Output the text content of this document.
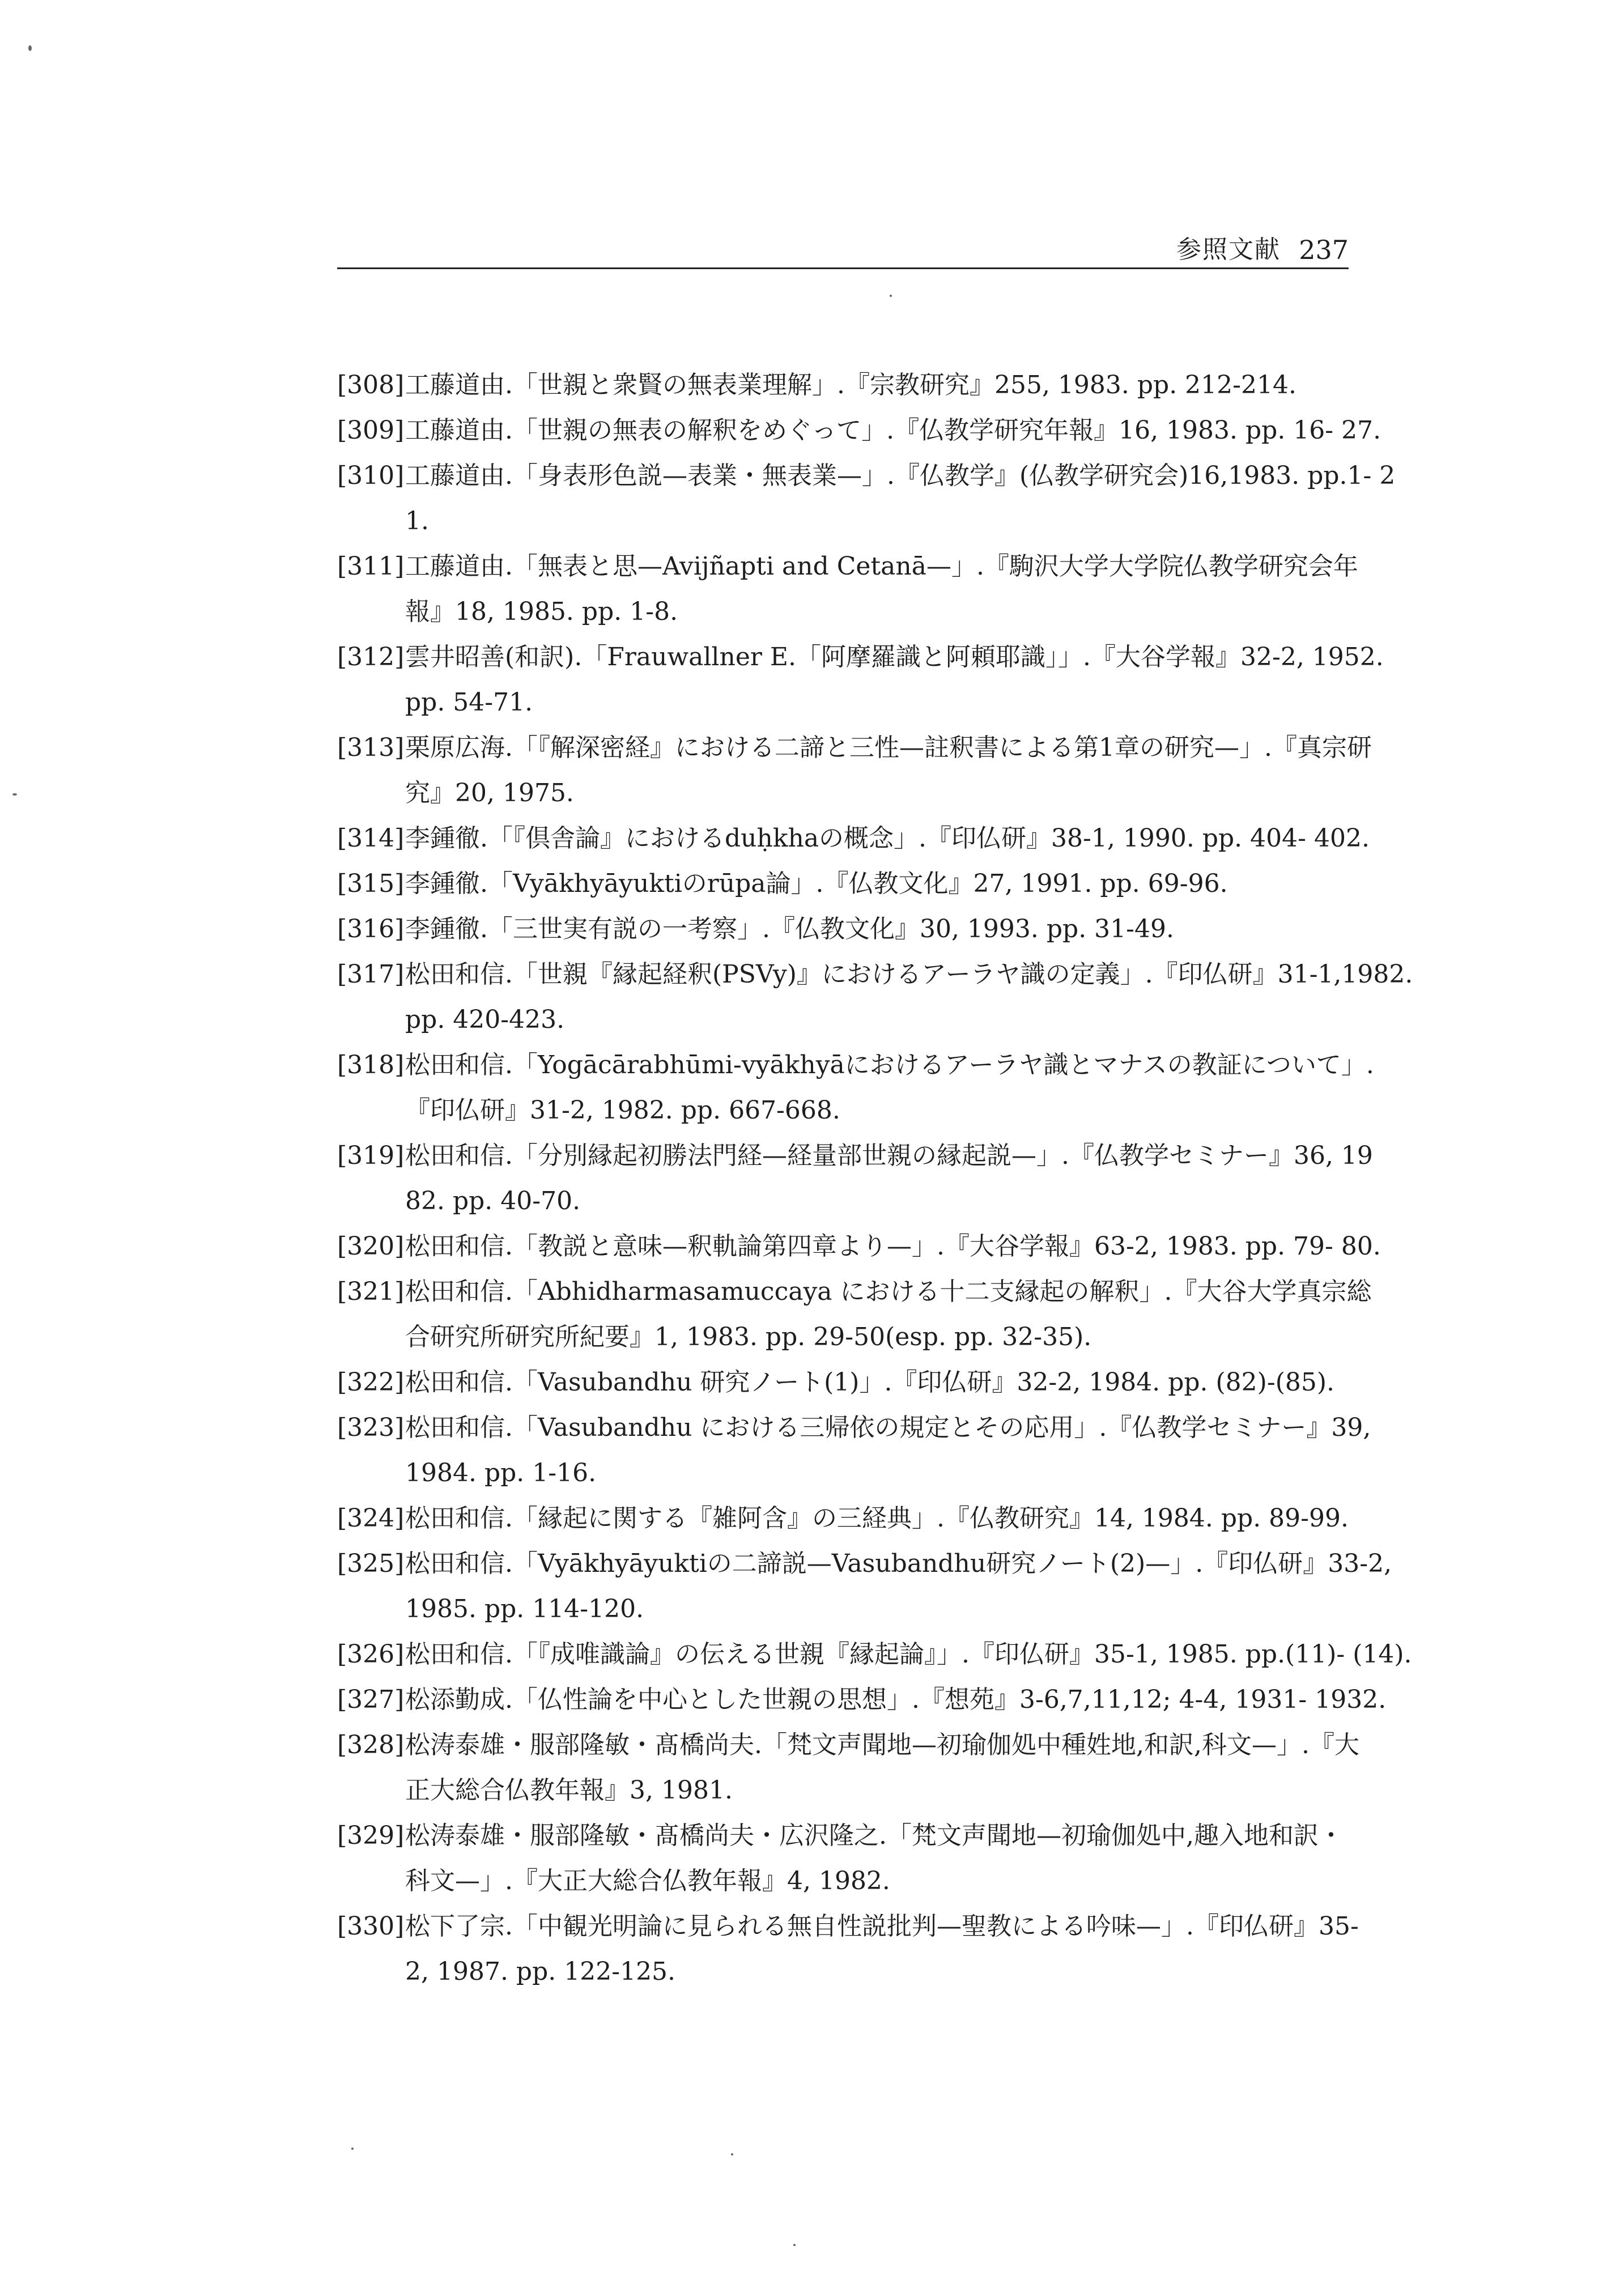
参照文献 237
[308] 工藤道由.「世親と衆賢の無表業理解」.『宗教研究』255, 1983. pp. 212-214.
[309] 工藤道由.「世親の無表の解釈をめぐって」.『仏教学研究年報』16, 1983. pp. 16- 27.
[310] 工藤道由.「身表形色説—表業・無表業—」.『仏教学』(仏教学研究会)16,1983. pp.1- 2
1.
[311] 工藤道由.「無表と思—Avijñapti and Cetanā—」.『駒沢大学大学院仏教学研究会年
報』18, 1985. pp. 1-8.
[312] 雲井昭善(和訳).「Frauwallner E.「阿摩羅識と阿頼耶識」」.『大谷学報』32-2, 1952.
pp. 54-71.
[313] 栗原広海.「『解深密経』における二諦と三性—註釈書による第1章の研究—」.『真宗研
究』20, 1975.
[314] 李鍾徹.「『倶舎論』におけるduḥkhaの概念」.『印仏研』38-1, 1990. pp. 404- 402.
[315] 李鍾徹.「Vyākhyāyuktiのrūpa論」.『仏教文化』27, 1991. pp. 69-96.
[316] 李鍾徹.「三世実有説の一考察」.『仏教文化』30, 1993. pp. 31-49.
[317] 松田和信.「世親『縁起経釈(PSVy)』におけるアーラヤ識の定義」.『印仏研』31-1,1982.
pp. 420-423.
[318] 松田和信.「Yogācārabhūmi-vyākhyāにおけるアーラヤ識とマナスの教証について」.
『印仏研』31-2, 1982. pp. 667-668.
[319] 松田和信.「分別縁起初勝法門経—経量部世親の縁起説—」.『仏教学セミナー』36, 19
82. pp. 40-70.
[320] 松田和信.「教説と意味—釈軌論第四章より—」.『大谷学報』63-2, 1983. pp. 79- 80.
[321] 松田和信.「Abhidharmasamuccaya における十二支縁起の解釈」.『大谷大学真宗総
合研究所研究所紀要』1, 1983. pp. 29-50(esp. pp. 32-35).
[322] 松田和信.「Vasubandhu 研究ノート(1)」.『印仏研』32-2, 1984. pp. (82)-(85).
[323] 松田和信.「Vasubandhu における三帰依の規定とその応用」.『仏教学セミナー』39,
1984. pp. 1-16.
[324] 松田和信.「縁起に関する『雑阿含』の三経典」.『仏教研究』14, 1984. pp. 89-99.
[325] 松田和信.「Vyākhyāyuktiの二諦説—Vasubandhu研究ノート(2)—」.『印仏研』33-2,
1985. pp. 114-120.
[326] 松田和信.「『成唯識論』の伝える世親『縁起論』」.『印仏研』35-1, 1985. pp.(11)- (14).
[327] 松添勤成.「仏性論を中心とした世親の思想」.『想苑』3-6,7,11,12; 4-4, 1931- 1932.
[328] 松涛泰雄・服部隆敏・髙橋尚夫.「梵文声聞地—初瑜伽処中種姓地,和訳,科文—」.『大
正大総合仏教年報』3, 1981.
[329] 松涛泰雄・服部隆敏・髙橋尚夫・広沢隆之.「梵文声聞地—初瑜伽処中,趣入地和訳・
科文—」.『大正大総合仏教年報』4, 1982.
[330] 松下了宗.「中観光明論に見られる無自性説批判—聖教による吟味—」.『印仏研』35-
2, 1987. pp. 122-125.
